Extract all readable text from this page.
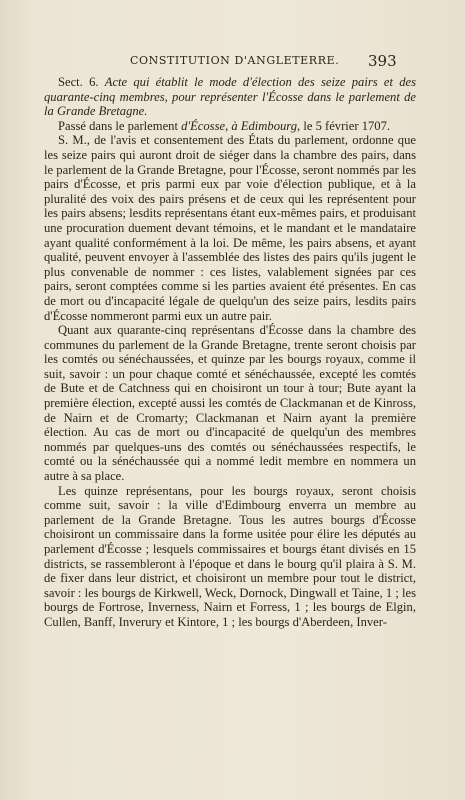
CONSTITUTION D'ANGLETERRE. 393

Sect. 6. Acte qui établit le mode d'élection des seize pairs et des quarante-cinq membres, pour représenter l'Écosse dans le parlement de la Grande Bretagne.

Passé dans le parlement d'Écosse, à Edimbourg, le 5 février 1707.

S. M., de l'avis et consentement des États du parlement, ordonne que les seize pairs qui auront droit de siéger dans la chambre des pairs, dans le parlement de la Grande Bretagne, pour l'Écosse, seront nommés par les pairs d'Écosse, et pris parmi eux par voie d'élection publique, et à la pluralité des voix des pairs présens et de ceux qui les représentent pour les pairs absens; lesdits représentans étant eux-mêmes pairs, et produisant une procuration duement devant témoins, et le mandant et le mandataire ayant qualité conformément à la loi. De même, les pairs absens, et ayant qualité, peuvent envoyer à l'assemblée des listes des pairs qu'ils jugent le plus convenable de nommer : ces listes, valablement signées par ces pairs, seront comptées comme si les parties avaient été présentes. En cas de mort ou d'incapacité légale de quelqu'un des seize pairs, lesdits pairs d'Écosse nommeront parmi eux un autre pair.

Quant aux quarante-cinq représentans d'Écosse dans la chambre des communes du parlement de la Grande Bretagne, trente seront choisis par les comtés ou sénéchaussées, et quinze par les bourgs royaux, comme il suit, savoir : un pour chaque comté et sénéchaussée, excepté les comtés de Bute et de Catchness qui en choisiront un tour à tour; Bute ayant la première élection, excepté aussi les comtés de Clackmanan et de Kinross, de Nairn et de Cromarty; Clackmanan et Nairn ayant la première élection. Au cas de mort ou d'incapacité de quelqu'un des membres nommés par quelques-uns des comtés ou sénéchaussées respectifs, le comté ou la sénéchaussée qui a nommé ledit membre en nommera un autre à sa place.

Les quinze représentans, pour les bourgs royaux, seront choisis comme suit, savoir : la ville d'Edimbourg enverra un membre au parlement de la Grande Bretagne. Tous les autres bourgs d'Écosse choisiront un commissaire dans la forme usitée pour élire les députés au parlement d'Écosse ; lesquels commissaires et bourgs étant divisés en 15 districts, se rassembleront à l'époque et dans le bourg qu'il plaira à S. M. de fixer dans leur district, et choisiront un membre pour tout le district, savoir : les bourgs de Kirkwell, Weck, Dornock, Dingwall et Taine, 1 ; les bourgs de Fortrose, Inverness, Nairn et Forress, 1 ; les bourgs de Elgin, Cullen, Banff, Inverury et Kintore, 1 ; les bourgs d'Aberdeen, Inver-
